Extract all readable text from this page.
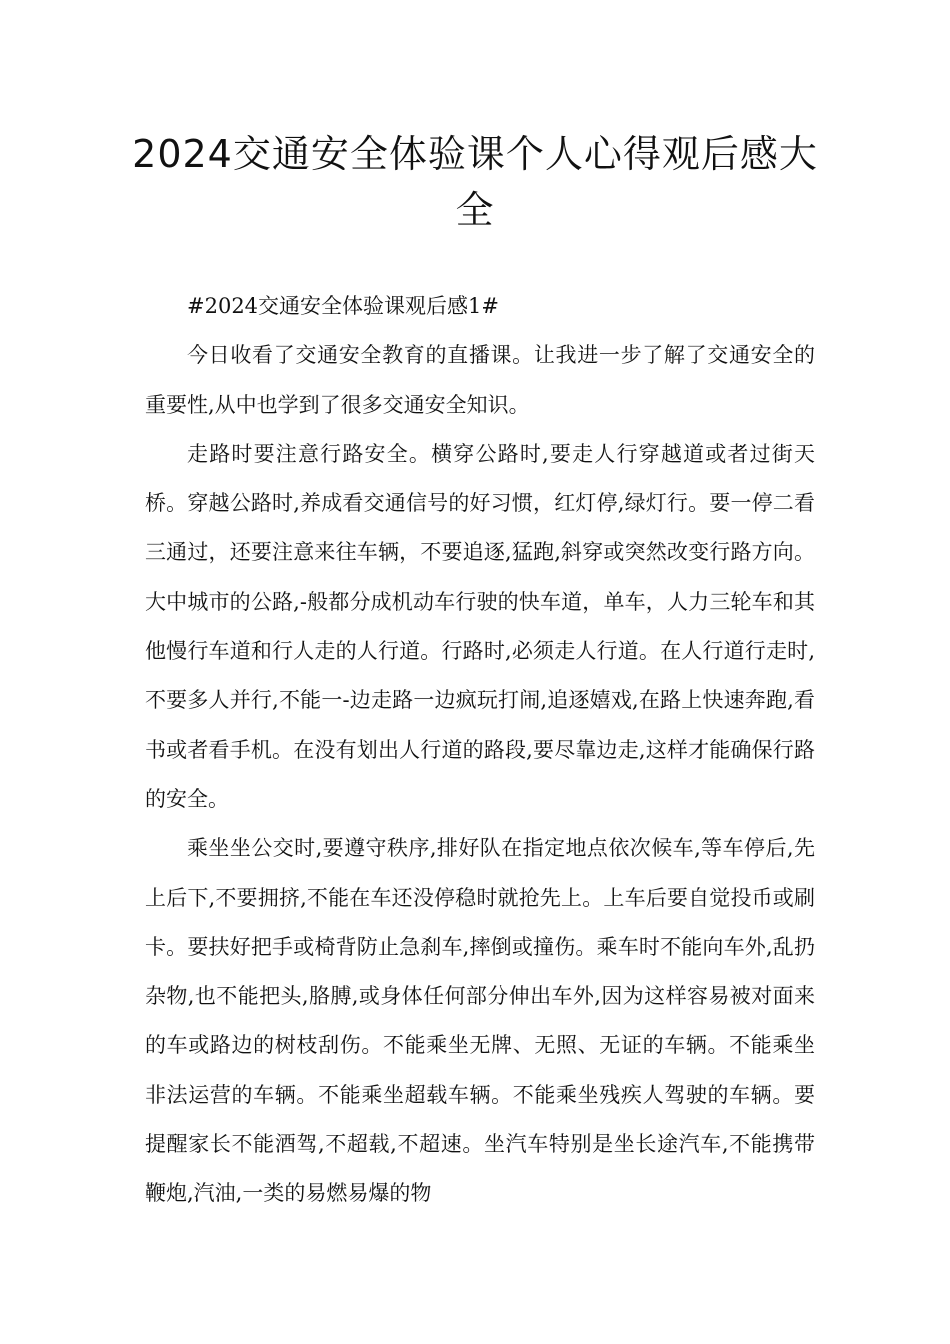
2024交通安全体验课个人心得观后感大全

#2024交通安全体验课观后感1#

今日收看了交通安全教育的直播课。让我进一步了解了交通安全的重要性,从中也学到了很多交通安全知识。

走路时要注意行路安全。横穿公路时,要走人行穿越道或者过街天桥。穿越公路时,养成看交通信号的好习惯，红灯停,绿灯行。要一停二看三通过，还要注意来往车辆，不要追逐,猛跑,斜穿或突然改变行路方向。大中城市的公路,-般都分成机动车行驶的快车道，单车，人力三轮车和其他慢行车道和行人走的人行道。行路时,必须走人行道。在人行道行走时,不要多人并行,不能一-边走路一边疯玩打闹,追逐嬉戏,在路上快速奔跑,看书或者看手机。在没有划出人行道的路段,要尽靠边走,这样才能确保行路的安全。

乘坐坐公交时,要遵守秩序,排好队在指定地点依次候车,等车停后,先上后下,不要拥挤,不能在车还没停稳时就抢先上。上车后要自觉投币或刷卡。要扶好把手或椅背防止急刹车,摔倒或撞伤。乘车时不能向车外,乱扔杂物,也不能把头,胳膊,或身体任何部分伸出车外,因为这样容易被对面来的车或路边的树枝刮伤。不能乘坐无牌、无照、无证的车辆。不能乘坐非法运营的车辆。不能乘坐超载车辆。不能乘坐残疾人驾驶的车辆。要提醒家长不能酒驾,不超载,不超速。坐汽车特别是坐长途汽车,不能携带鞭炮,汽油,一类的易燃易爆的物
